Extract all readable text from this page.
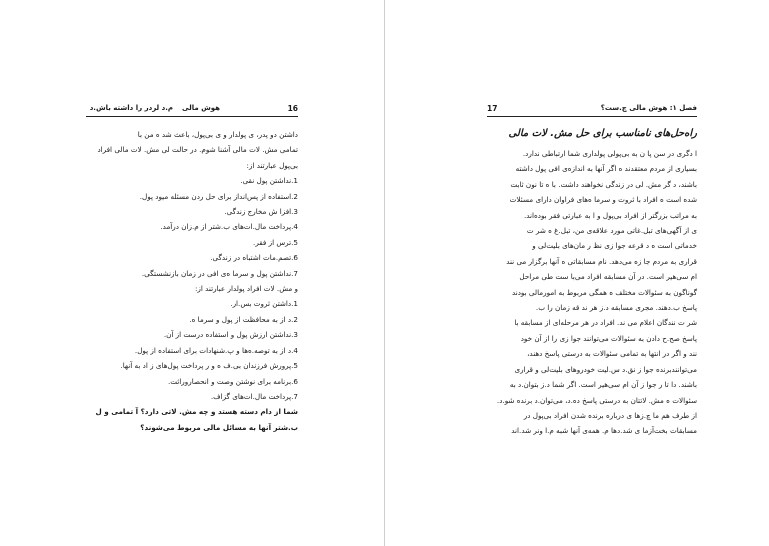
16
هوش مالی
م.د لردر را داشته باش.د

داشتن دو پدر، ی پولدار و ی بی‌پول، باعث شد ه من با

تمامی مش. لات مالی آشنا شوم. در حالت لی مش. لات مالی افراد

بی‌پول عبارتند از:

1.نداشتن پول نقی.

2.استفاده از پس‌انداز برای حل ردن مسئله میود پول.

3.افزا ش مخارج زندگی.

4.پرداخت مال.ات‌های ب.شتر از م.زان درآمد.

5.ترس از فقر.

6.تصم.مات اشتباه در زندگی.

7.نداشتن پول و سرما ه‌ی افی در زمان بازنشستگی.

و مش. لات افراد پولدار عبارتند از:

1.داشتن ثروت بس.ار.

2.د از به محافظت از پول و سرما ه.

3.نداشتن ارزش پول و استفاده درست از آن.

4.د از به توصه.ه‌ها و پ.شنهادات برای استفاده از پول.

5.پرورش فرزندان بی.ف ه و ر پرداخت پول‌های ز اد به آنها.

6.برنامه برای نوشتن وصت و انحصاروراثت.

7.پرداخت مال.ات‌های گزاف.

شما از دام دسته هستد و چه مش. لاتی دارد؟ آ تمامی و ل

ب.شتر آنها به مسائل مالی مربوط می‌شوند؟

فصل ۱: هوش مالی چ.ست؟
17
راه‌حل‌های نامناسب برای حل مش. لات مالی

ا دگری در سن پا ن به بی‌پولی پولداری شما ارتباطی ندارد.

بسیاری از مردم معتقدند ه اگر آنها به اندازه‌ی افی پول داشته

باشند، د گر مش. لی در زندگی نخواهند داشت. با ه تا نون ثابت

شده است ه افراد با ثروت و سرما ه‌های فراوان دارای مسئلات

به مراتب بزرگتر از افراد بی‌پول و ا به عبارتی فقر بوده‌اند.

ی از آگهی‌های تبل.غاتی مورد علاقه‌ی من، تبل.غ ه شر ت

خدماتی است ه د قرعه جوا زی نظ ر مان‌های بلیت‌لی و

قراری به مردم جا زه می‌دهد. نام مسابقاتی ه آنها برگزار می نند

ام سی‌هیر است. در آن مسابقه افراد می‌با ست طی مراحل

گوناگون به سئوالات مختلف ه همگی مربوط به امورمالی بودند

پاسخ ب.دهند. مجری مسابقه د.ز هر ند قه زمان را ب.

شر ت نندگان اعلام می ند. افراد در هر مرحله‌ای از مسابقه با

پاسخ صح.ح دادن به سئوالات می‌توانند جوا زی را از آن خود

نند و اگر در انتها به تمامی سئوالات به درستی پاسخ دهند،

می‌توانندبرنده جوا ز نق.د س.لیت خودروهای بلیت‌لی و قراری

باشند. دا تا ر جوا ز آن ام سی‌هیر است. اگر شما د.ز بتوان.د به

سئوالات ه مش. لاتتان به درستی پاسخ ده.د، می‌توان.د برنده شو.د.

از طرف هم ما چ.زها ی درباره برنده شدن افراد بی‌پول در

مسابقات بخت‌آزما ی شد.دها م. همه‌ی آنها شبه م.ا ونر شد.اند
